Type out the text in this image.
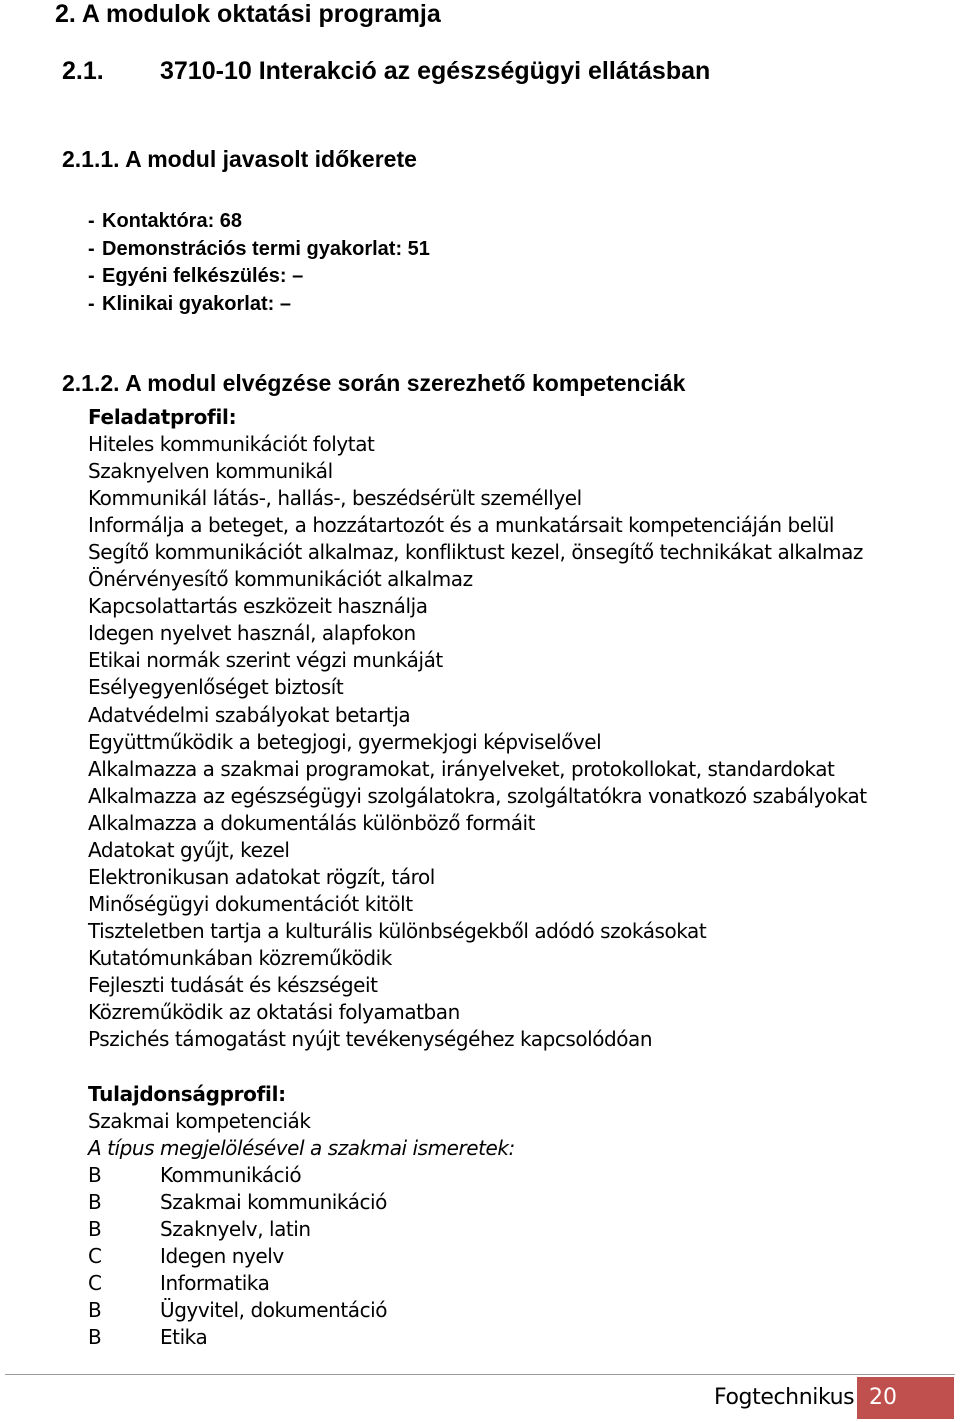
2. A modulok oktatási programja
2.1. 3710-10 Interakció az egészségügyi ellátásban
2.1.1. A modul javasolt időkerete
- Kontaktóra: 68
- Demonstrációs termi gyakorlat: 51
- Egyéni felkészülés: –
- Klinikai gyakorlat: –
2.1.2. A modul elvégzése során szerezhető kompetenciák
Feladatprofil:
Hiteles kommunikációt folytat
Szaknyelven kommunikál
Kommunikál látás-, hallás-, beszédsérült személlyel
Informálja a beteget, a hozzátartozót és a munkatársait kompetenciáján belül
Segítő kommunikációt alkalmaz, konfliktust kezel, önsegítő technikákat alkalmaz
Önérvényesítő kommunikációt alkalmaz
Kapcsolattartás eszközeit használja
Idegen nyelvet használ, alapfokon
Etikai normák szerint végzi munkáját
Esélyegyenlőséget biztosít
Adatvédelmi szabályokat betartja
Együttműködik a betegjogi, gyermekjogi képviselővel
Alkalmazza a szakmai programokat, irányelveket, protokollokat, standardokat
Alkalmazza az egészségügyi szolgálatokra, szolgáltatókra vonatkozó szabályokat
Alkalmazza a dokumentálás különböző formáit
Adatokat gyűjt, kezel
Elektronikusan adatokat rögzít, tárol
Minőségügyi dokumentációt kitölt
Tiszteletben tartja a kulturális különbségekből adódó szokásokat
Kutatómunkában közreműködik
Fejleszti tudását és készségeit
Közreműködik az oktatási folyamatban
Pszichés támogatást nyújt tevékenységéhez kapcsolódóan
Tulajdonságprofil:
Szakmai kompetenciák
A típus megjelölésével a szakmai ismeretek:
B	Kommunikáció
B	Szakmai kommunikáció
B	Szaknyelv, latin
C	Idegen nyelv
C	Informatika
B	Ügyvitel, dokumentáció
B	Etika
Fogtechnikus 20
